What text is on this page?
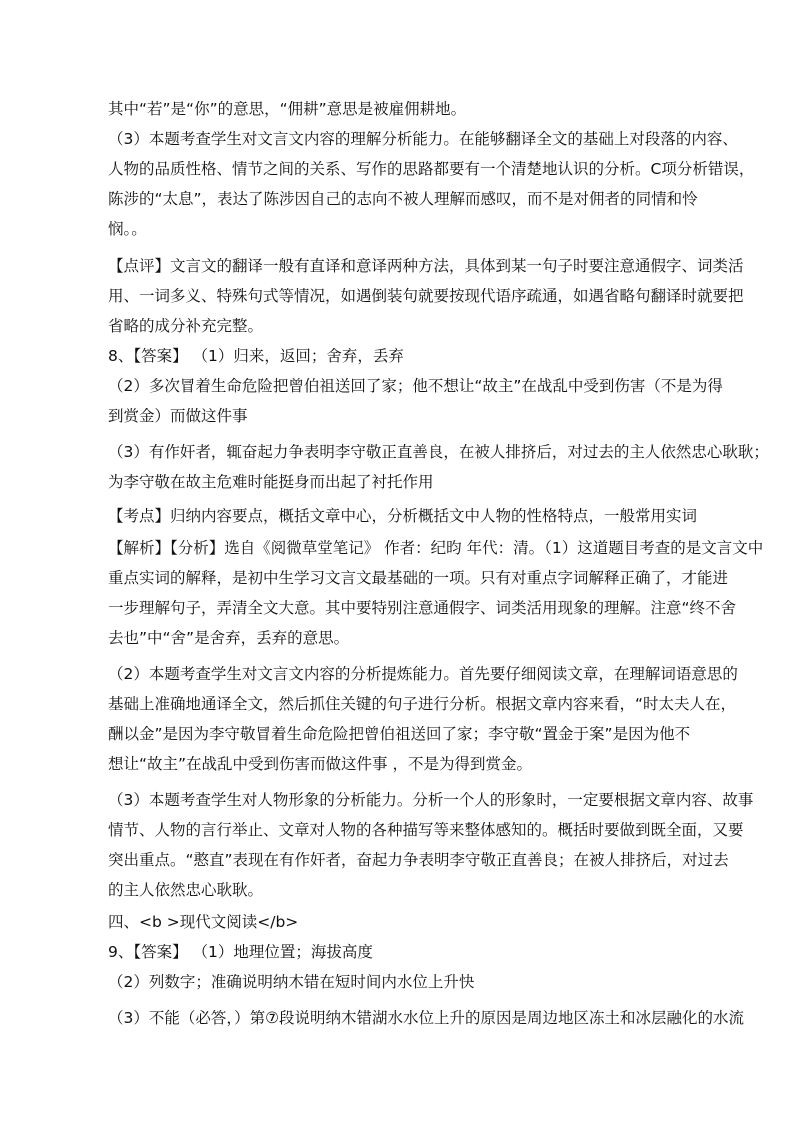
其中“若”是“你”的意思，“佣耕”意思是被雇佣耕地。
（3）本题考查学生对文言文内容的理解分析能力。在能够翻译全文的基础上对段落的内容、
人物的品质性格、情节之间的关系、写作的思路都要有一个清楚地认识的分析。C项分析错误，
陈涉的“太息”，表达了陈涉因自己的志向不被人理解而感叹，而不是对佣者的同情和怜
悯。。
【点评】文言文的翻译一般有直译和意译两种方法，具体到某一句子时要注意通假字、词类活
用、一词多义、特殊句式等情况，如遇倒装句就要按现代语序疏通，如遇省略句翻译时就要把
省略的成分补充完整。
8、【答案】 （1）归来，返回；舍弃，丢弃
（2）多次冒着生命危险把曾伯祖送回了家；他不想让“故主”在战乱中受到伤害（不是为得
到赏金）而做这件事
（3）有作奸者，辄奋起力争表明李守敬正直善良，在被人排挤后，对过去的主人依然忠心耿耿；
为李守敬在故主危难时能挺身而出起了衬托作用
【考点】归纳内容要点，概括文章中心，分析概括文中人物的性格特点，一般常用实词
【解析】【分析】选自《阅微草堂笔记》 作者：纪昀 年代：清。（1）这道题目考查的是文言文中
重点实词的解释，是初中生学习文言文最基础的一项。只有对重点字词解释正确了，才能进
一步理解句子，弄清全文大意。其中要特别注意通假字、词类活用现象的理解。注意“终不舍
去也”中“舍”是舍弃，丢弃的意思。
（2）本题考查学生对文言文内容的分析提炼能力。首先要仔细阅读文章，在理解词语意思的
基础上准确地通译全文，然后抓住关键的句子进行分析。根据文章内容来看，“时太夫人在，
酬以金”是因为李守敬冒着生命危险把曾伯祖送回了家；李守敬“置金于案”是因为他不
想让“故主”在战乱中受到伤害而做这件事 ，不是为得到赏金。
（3）本题考查学生对人物形象的分析能力。分析一个人的形象时，一定要根据文章内容、故事
情节、人物的言行举止、文章对人物的各种描写等来整体感知的。概括时要做到既全面，又要
突出重点。“憨直”表现在有作奸者，奋起力争表明李守敬正直善良；在被人排挤后，对过去
的主人依然忠心耿耿。
四、<b >现代文阅读</b>
9、【答案】 （1）地理位置；海拔高度
（2）列数字；准确说明纳木错在短时间内水位上升快
（3）不能（必答，）第⑦段说明纳木错湖水水位上升的原因是周边地区冻土和冰层融化的水流
